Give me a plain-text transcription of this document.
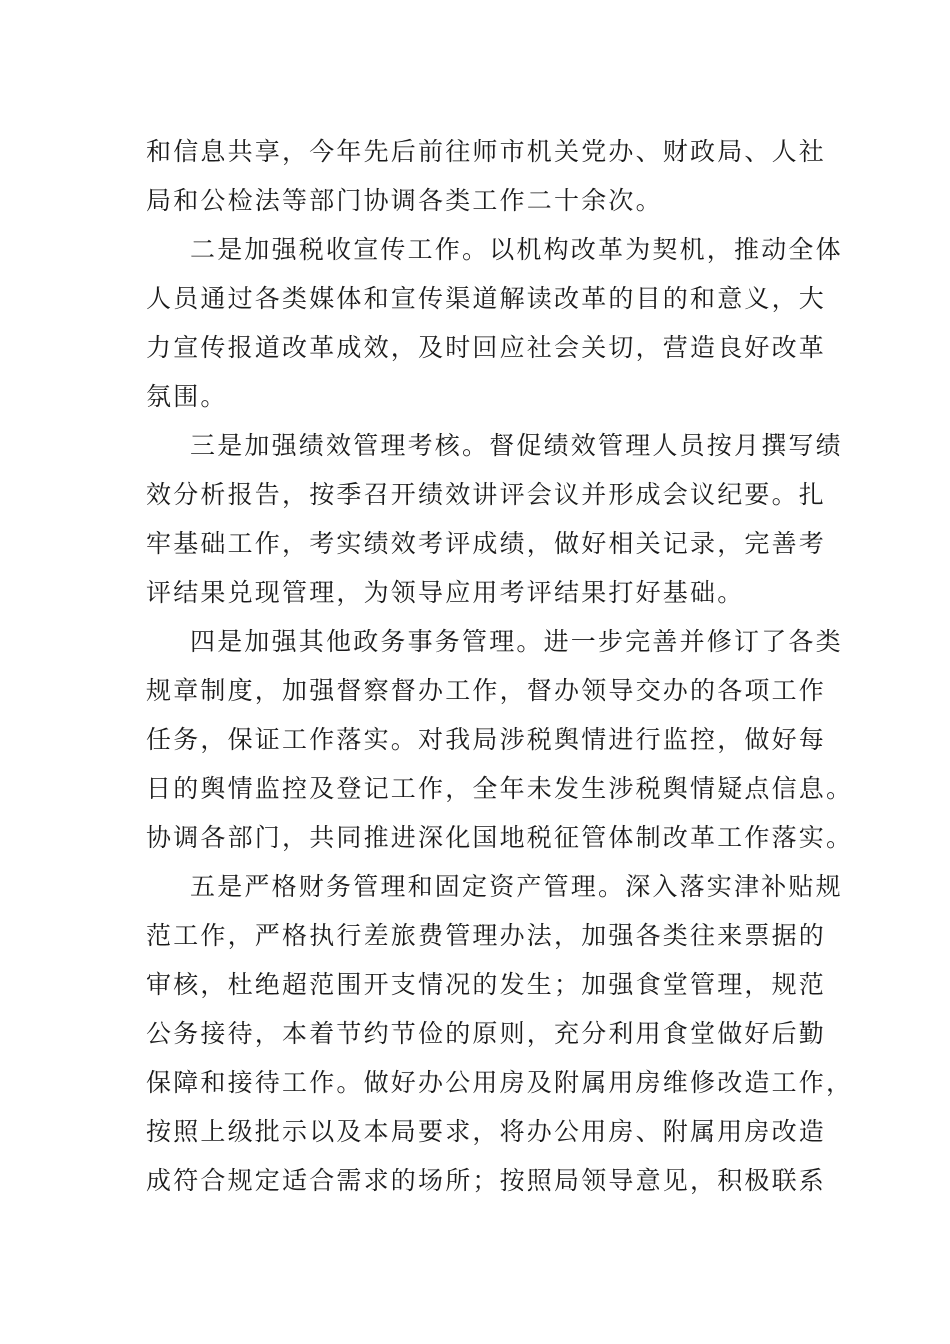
和信息共享，今年先后前往师市机关党办、财政局、人社
局和公检法等部门协调各类工作二十余次。
二是加强税收宣传工作。以机构改革为契机，推动全体
人员通过各类媒体和宣传渠道解读改革的目的和意义，大
力宣传报道改革成效，及时回应社会关切，营造良好改革
氛围。
三是加强绩效管理考核。督促绩效管理人员按月撰写绩
效分析报告，按季召开绩效讲评会议并形成会议纪要。扎
牢基础工作，考实绩效考评成绩，做好相关记录，完善考
评结果兑现管理，为领导应用考评结果打好基础。
四是加强其他政务事务管理。进一步完善并修订了各类
规章制度，加强督察督办工作，督办领导交办的各项工作
任务，保证工作落实。对我局涉税舆情进行监控，做好每
日的舆情监控及登记工作，全年未发生涉税舆情疑点信息。
协调各部门，共同推进深化国地税征管体制改革工作落实。
五是严格财务管理和固定资产管理。深入落实津补贴规
范工作，严格执行差旅费管理办法，加强各类往来票据的
审核，杜绝超范围开支情况的发生；加强食堂管理，规范
公务接待，本着节约节俭的原则，充分利用食堂做好后勤
保障和接待工作。做好办公用房及附属用房维修改造工作，
按照上级批示以及本局要求，将办公用房、附属用房改造
成符合规定适合需求的场所；按照局领导意见，积极联系
